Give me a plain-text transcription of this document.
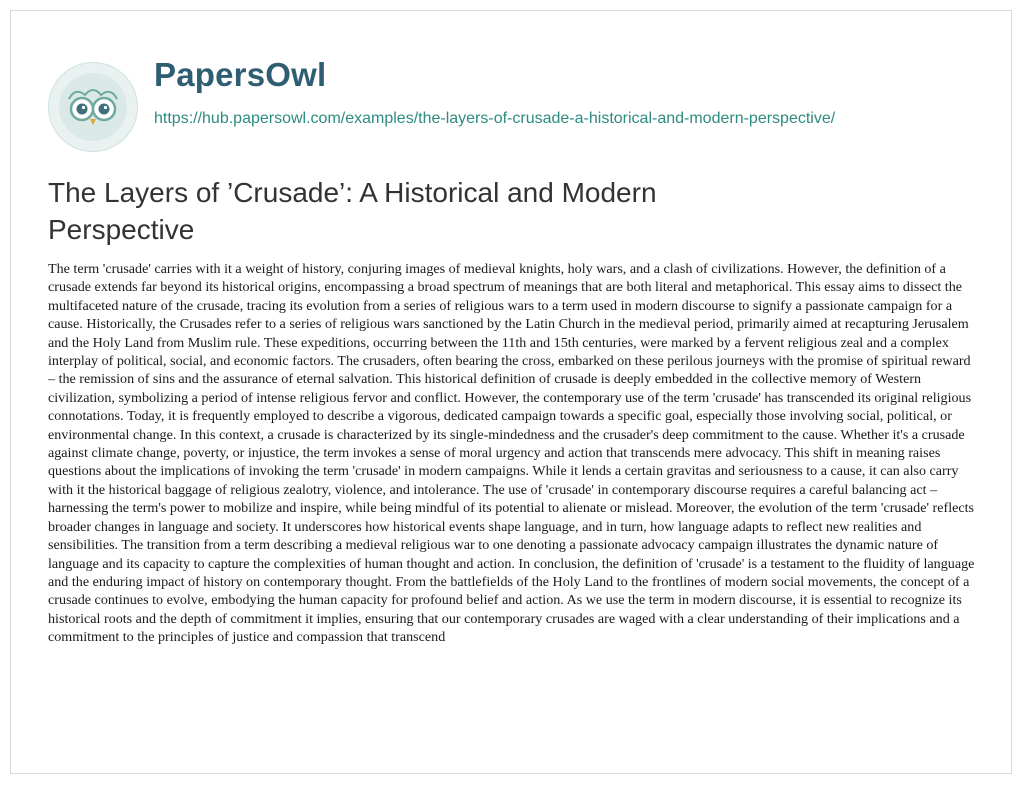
PapersOwl
https://hub.papersowl.com/examples/the-layers-of-crusade-a-historical-and-modern-perspective/
The Layers of ’Crusade’: A Historical and Modern Perspective

The term 'crusade' carries with it a weight of history, conjuring images of medieval knights, holy wars, and a clash of civilizations. However, the definition of a crusade extends far beyond its historical origins, encompassing a broad spectrum of meanings that are both literal and metaphorical. This essay aims to dissect the multifaceted nature of the crusade, tracing its evolution from a series of religious wars to a term used in modern discourse to signify a passionate campaign for a cause. Historically, the Crusades refer to a series of religious wars sanctioned by the Latin Church in the medieval period, primarily aimed at recapturing Jerusalem and the Holy Land from Muslim rule. These expeditions, occurring between the 11th and 15th centuries, were marked by a fervent religious zeal and a complex interplay of political, social, and economic factors. The crusaders, often bearing the cross, embarked on these perilous journeys with the promise of spiritual reward – the remission of sins and the assurance of eternal salvation. This historical definition of crusade is deeply embedded in the collective memory of Western civilization, symbolizing a period of intense religious fervor and conflict. However, the contemporary use of the term 'crusade' has transcended its original religious connotations. Today, it is frequently employed to describe a vigorous, dedicated campaign towards a specific goal, especially those involving social, political, or environmental change. In this context, a crusade is characterized by its single-mindedness and the crusader's deep commitment to the cause. Whether it's a crusade against climate change, poverty, or injustice, the term invokes a sense of moral urgency and action that transcends mere advocacy. This shift in meaning raises questions about the implications of invoking the term 'crusade' in modern campaigns. While it lends a certain gravitas and seriousness to a cause, it can also carry with it the historical baggage of religious zealotry, violence, and intolerance. The use of 'crusade' in contemporary discourse requires a careful balancing act – harnessing the term's power to mobilize and inspire, while being mindful of its potential to alienate or mislead. Moreover, the evolution of the term 'crusade' reflects broader changes in language and society. It underscores how historical events shape language, and in turn, how language adapts to reflect new realities and sensibilities. The transition from a term describing a medieval religious war to one denoting a passionate advocacy campaign illustrates the dynamic nature of language and its capacity to capture the complexities of human thought and action. In conclusion, the definition of 'crusade' is a testament to the fluidity of language and the enduring impact of history on contemporary thought. From the battlefields of the Holy Land to the frontlines of modern social movements, the concept of a crusade continues to evolve, embodying the human capacity for profound belief and action. As we use the term in modern discourse, it is essential to recognize its historical roots and the depth of commitment it implies, ensuring that our contemporary crusades are waged with a clear understanding of their implications and a commitment to the principles of justice and compassion that transcend
